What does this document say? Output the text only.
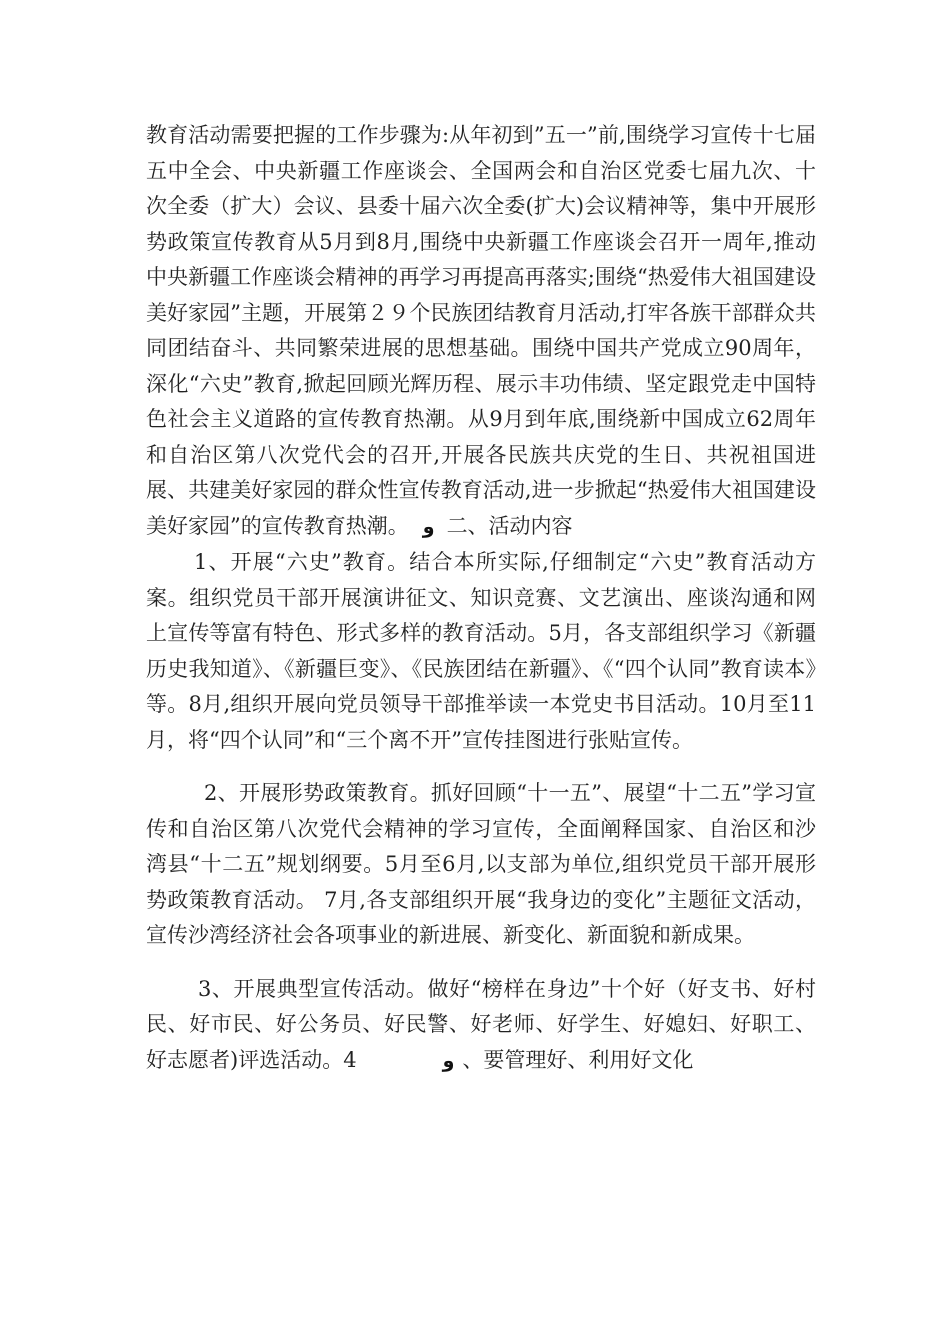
教育活动需要把握的工作步骤为:从年初到”五一”前,围绕学习宣传十七届五中全会、中央新疆工作座谈会、全国两会和自治区党委七届九次、十次全委（扩大）会议、县委十届六次全委(扩大)会议精神等，集中开展形势政策宣传教育从5月到8月,围绕中央新疆工作座谈会召开一周年,推动中央新疆工作座谈会精神的再学习再提高再落实;围绕“热爱伟大祖国建设美好家园”主题，开展第２９个民族团结教育月活动,打牢各族干部群众共同团结奋斗、共同繁荣进展的思想基础。围绕中国共产党成立90周年，深化“六史”教育,掀起回顾光辉历程、展示丰功伟绩、坚定跟党走中国特色社会主义道路的宣传教育热潮。从9月到年底,围绕新中国成立62周年和自治区第八次党代会的召开,开展各民族共庆党的生日、共祝祖国进展、共建美好家园的群众性宣传教育活动,进一步掀起“热爱伟大祖国建设美好家园”的宣传教育热潮。 و 二、活动内容

1、开展“六史”教育。结合本所实际,仔细制定“六史”教育活动方案。组织党员干部开展演讲征文、知识竞赛、文艺演出、座谈沟通和网上宣传等富有特色、形式多样的教育活动。5月，各支部组织学习《新疆历史我知道》、《新疆巨变》、《民族团结在新疆》、《“四个认同”教育读本》等。8月,组织开展向党员领导干部推举读一本党史书目活动。10月至11月，将“四个认同”和“三个离不开”宣传挂图进行张贴宣传。

2、开展形势政策教育。抓好回顾“十一五”、展望“十二五”学习宣传和自治区第八次党代会精神的学习宣传，全面阐释国家、自治区和沙湾县“十二五”规划纲要。5月至6月,以支部为单位,组织党员干部开展形势政策教育活动。 7月,各支部组织开展“我身边的变化”主题征文活动，宣传沙湾经济社会各项事业的新进展、新变化、新面貌和新成果。

3、开展典型宣传活动。做好“榜样在身边”十个好（好支书、好村民、好市民、好公务员、好民警、好老师、好学生、好媳妇、好职工、好志愿者)评选活动。4	و 、要管理好、利用好文化
